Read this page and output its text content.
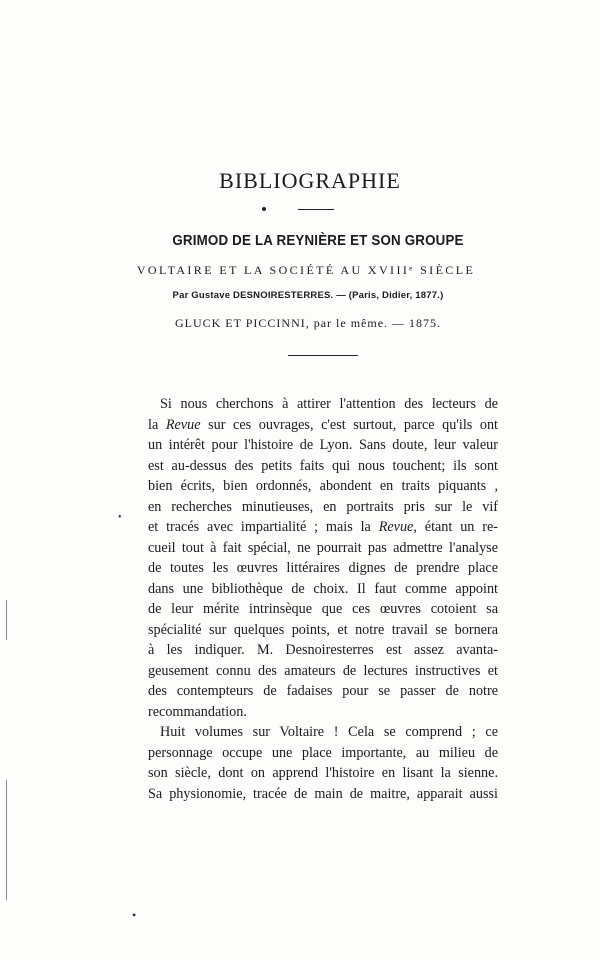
BIBLIOGRAPHIE
GRIMOD DE LA REYNIÈRE ET SON GROUPE
VOLTAIRE ET LA SOCIÉTÉ AU XVIIIᵉ SIÈCLE
Par Gustave DESNOIRESTERRES. — (Paris, Didier, 1877.)
GLUCK ET PICCINNI, par le même. — 1875.
Si nous cherchons à attirer l'attention des lecteurs de
la Revue sur ces ouvrages, c'est surtout, parce qu'ils ont
un intérêt pour l'histoire de Lyon. Sans doute, leur valeur
est au-dessus des petits faits qui nous touchent; ils sont
bien écrits, bien ordonnés, abondent en traits piquants ,
en recherches minutieuses, en portraits pris sur le vif
et tracés avec impartialité ; mais la Revue, étant un re-
cueil tout à fait spécial, ne pourrait pas admettre l'analyse
de toutes les œuvres littéraires dignes de prendre place
dans une bibliothèque de choix. Il faut comme appoint
de leur mérite intrinsèque que ces œuvres cotoient sa
spécialité sur quelques points, et notre travail se bornera
à les indiquer. M. Desnoiresterres est assez avanta-
geusement connu des amateurs de lectures instructives et
des contempteurs de fadaises pour se passer de notre
recommandation.
Huit volumes sur Voltaire ! Cela se comprend ; ce
personnage occupe une place importante, au milieu de
son siècle, dont on apprend l'histoire en lisant la sienne.
Sa physionomie, tracée de main de maitre, apparait aussi
•
•
